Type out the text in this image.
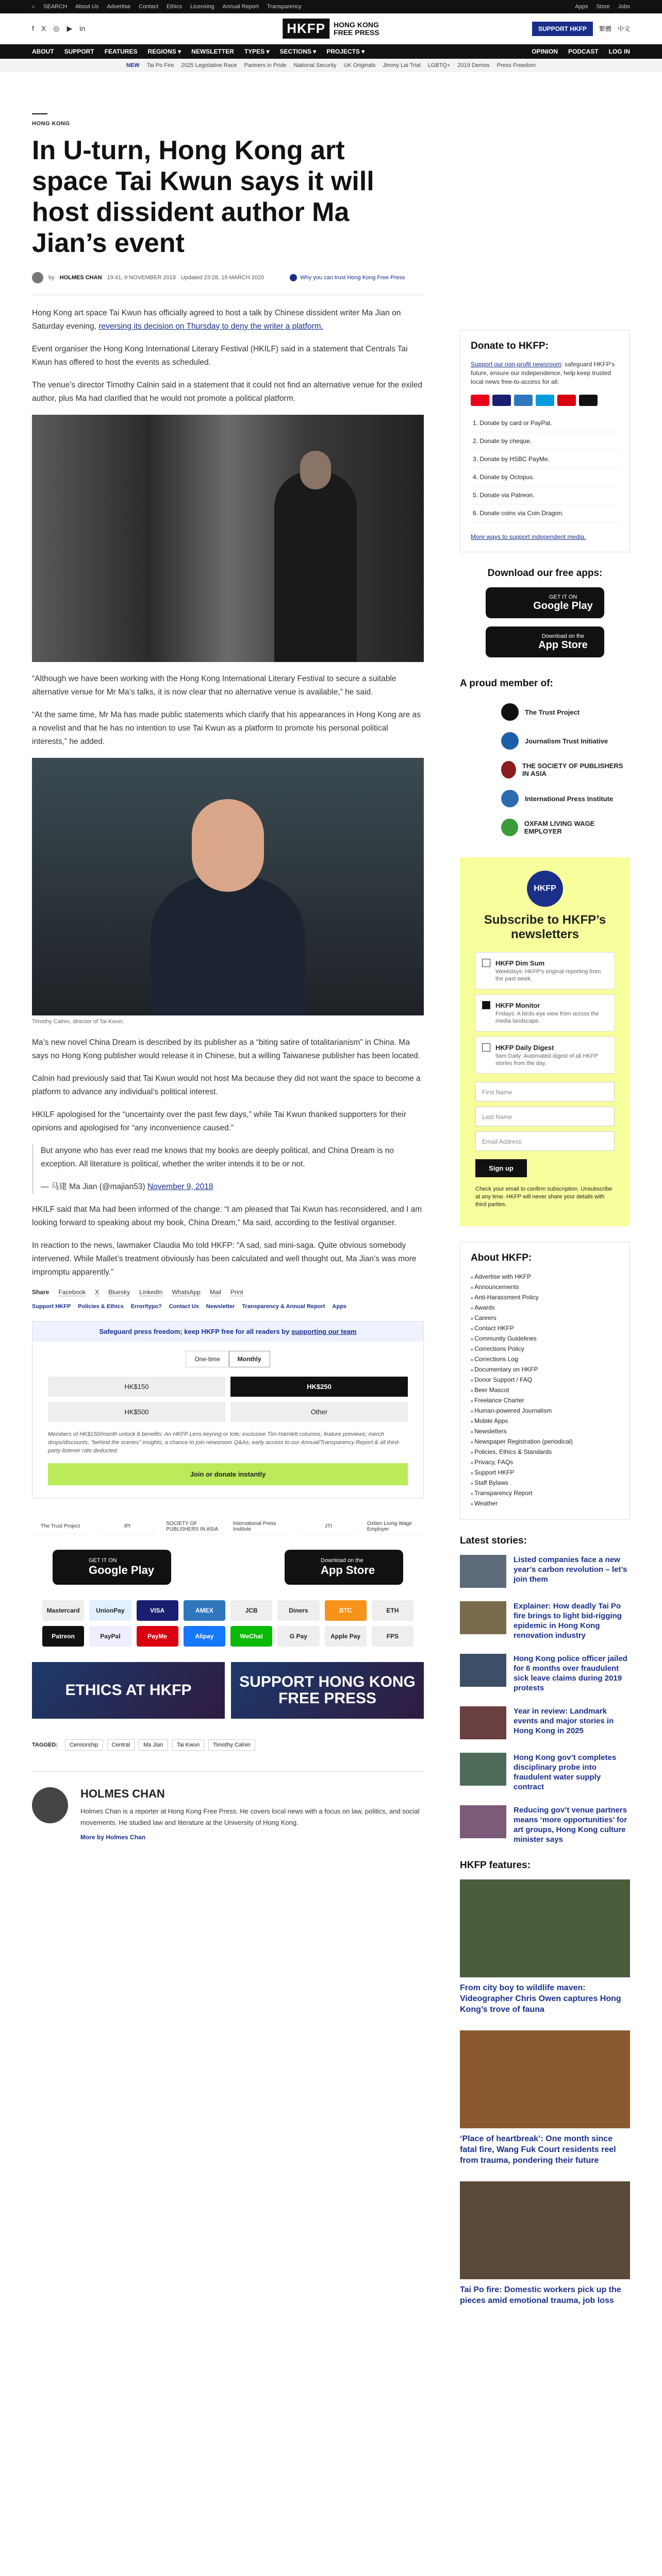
⌕ SEARCH About Us Advertise Contact Ethics Licensing Annual Report Transparency	Apps Store Jobs
f X ◎ ▶ in	HKFP	HONG KONG
FREE PRESS	SUPPORT HKFP	繁體 中文
ABOUT SUPPORT FEATURES REGIONS ▾ NEWSLETTER TYPES ▾ SECTIONS ▾ PROJECTS ▾	OPINION PODCAST LOG IN
NEW Tai Po Fire 2025 Legislative Race Partners in Pride National Security UK Originals Jimmy Lai Trial LGBTQ+ 2019 Demos Press Freedom
HONG KONG
In U-turn, Hong Kong art space Tai Kwun says it will host dissident author Ma Jian’s event
by HOLMES CHAN 19:41, 9 NOVEMBER 2018 Updated 23:28, 19 MARCH 2020	Why you can trust Hong Kong Free Press

Hong Kong art space Tai Kwun has officially agreed to host a talk by Chinese dissident writer Ma Jian on Saturday evening, reversing its decision on Thursday to deny the writer a platform.

Event organiser the Hong Kong International Literary Festival (HKILF) said in a statement that Centrals Tai Kwun has offered to host the events as scheduled.

The venue’s director Timothy Calnin said in a statement that it could not find an alternative venue for the exiled author, plus Ma had clarified that he would not promote a political platform.

“Although we have been working with the Hong Kong International Literary Festival to secure a suitable alternative venue for Mr Ma’s talks, it is now clear that no alternative venue is available,” he said.

“At the same time, Mr Ma has made public statements which clarify that his appearances in Hong Kong are as a novelist and that he has no intention to use Tai Kwun as a platform to promote his personal political interests,” he added.

Timothy Calnin, director of Tai Kwun.

Ma’s new novel China Dream is described by its publisher as a “biting satire of totalitarianism” in China. Ma says no Hong Kong publisher would release it in Chinese, but a willing Taiwanese publisher has been located.

Calnin had previously said that Tai Kwun would not host Ma because they did not want the space to become a platform to advance any individual’s political interest.

HKILF apologised for the “uncertainty over the past few days,” while Tai Kwun thanked supporters for their opinions and apologised for “any inconvenience caused.”

But anyone who has ever read me knows that my books are deeply political, and China Dream is no exception. All literature is political, whether the writer intends it to be or not.

— 马建 Ma Jian (@majian53) November 9, 2018

HKILF said that Ma had been informed of the change: “I am pleased that Tai Kwun has reconsidered, and I am looking forward to speaking about my book, China Dream,” Ma said, according to the festival organiser.

In reaction to the news, lawmaker Claudia Mo told HKFP: “A sad, sad mini-saga. Quite obvious somebody intervened. While Mallet’s treatment obviously has been calculated and well thought out, Ma Jian’s was more impromptu apparently.”

Share Facebook X Bluesky LinkedIn WhatsApp Mail Print
Support HKFP Policies & Ethics Error/typo? Contact Us Newsletter Transparency & Annual Report Apps
Safeguard press freedom; keep HKFP free for all readers by supporting our team
One-time	Monthly
HK$150	HK$250
HK$500	Other
Members of HK$150/month unlock 8 benefits: An HKFP Lens keyring or tote; exclusive Tim Hamlett columns; feature previews; merch drops/discounts; "behind the scenes" insights; a chance to join newsroom Q&As; early access to our Annual/Transparency Report & all third-party listener rate deducted.
Join or donate instantly
The Trust Project	IPI	SOCIETY OF PUBLISHERS IN ASIA
International Press Institute	JTI	Oxfam Living Wage Employer
GET IT ON
Google Play
Download on the
App Store
Mastercard	UnionPay	VISA	AMEX	JCB	Diners	BTC	ETH
Patreon	PayPal	PayMe	Alipay	WeChat	G Pay	Apple Pay	FPS
ETHICS AT HKFP	SUPPORT HONG KONG FREE PRESS
TAGGED:	Censorship	Central	Ma Jian	Tai Kwun	Timothy Calnin
HOLMES CHAN

Holmes Chan is a reporter at Hong Kong Free Press. He covers local news with a focus on law, politics, and social movements. He studied law and literature at the University of Hong Kong.

More by Holmes Chan
Donate to HKFP:

Support our non-profit newsroom: safeguard HKFP’s future, ensure our independence, help keep trusted local news free-to-access for all.

1. Donate by card or PayPal.
2. Donate by cheque.
3. Donate by HSBC PayMe.
4. Donate by Octopus.
5. Donate via Patreon.
6. Donate coins via Coin Dragon.

More ways to support independent media.

Download our free apps:
GET IT ON
Google Play
Download on the
App Store
A proud member of:
The Trust Project
Journalism Trust Initiative
THE SOCIETY OF PUBLISHERS IN ASIA
International Press Institute
OXFAM LIVING WAGE EMPLOYER
HKFP
Subscribe to HKFP’s newsletters
HKFP Dim Sum

Weekdays: HKFP’s original reporting from the past week.

HKFP Monitor

Fridays: A birds-eye view from across the media landscape.

HKFP Daily Digest

9am Daily: Automated digest of all HKFP stories from the day.

First Name
Last Name
Email Address
Sign up

Check your email to confirm subscription. Unsubscribe at any time. HKFP will never share your details with third parties.

About HKFP:
■ Advertise with HKFP
■ Announcements
■ Anti-Harassment Policy
■ Awards
■ Careers
■ Contact HKFP
■ Community Guidelines
■ Corrections Policy
■ Corrections Log
■ Documentary on HKFP
■ Donor Support / FAQ
■ Beer Mascot
■ Freelance Charter
■ Human-powered Journalism
■ Mobile Apps
■ Newsletters
■ Newspaper Registration (periodical)
■ Policies, Ethics & Standards
■ Privacy, FAQs
■ Support HKFP
■ Staff Bylaws
■ Transparency Report
■ Weather
Latest stories:
Listed companies face a new year’s carbon revolution – let’s join them
Explainer: How deadly Tai Po fire brings to light bid-rigging epidemic in Hong Kong renovation industry
Hong Kong police officer jailed for 6 months over fraudulent sick leave claims during 2019 protests
Year in review: Landmark events and major stories in Hong Kong in 2025
Hong Kong gov’t completes disciplinary probe into fraudulent water supply contract
Reducing gov’t venue partners means ‘more opportunities’ for art groups, Hong Kong culture minister says
HKFP features:
From city boy to wildlife maven: Videographer Chris Owen captures Hong Kong’s trove of fauna
‘Place of heartbreak’: One month since fatal fire, Wang Fuk Court residents reel from trauma, pondering their future
Tai Po fire: Domestic workers pick up the pieces amid emotional trauma, job loss
